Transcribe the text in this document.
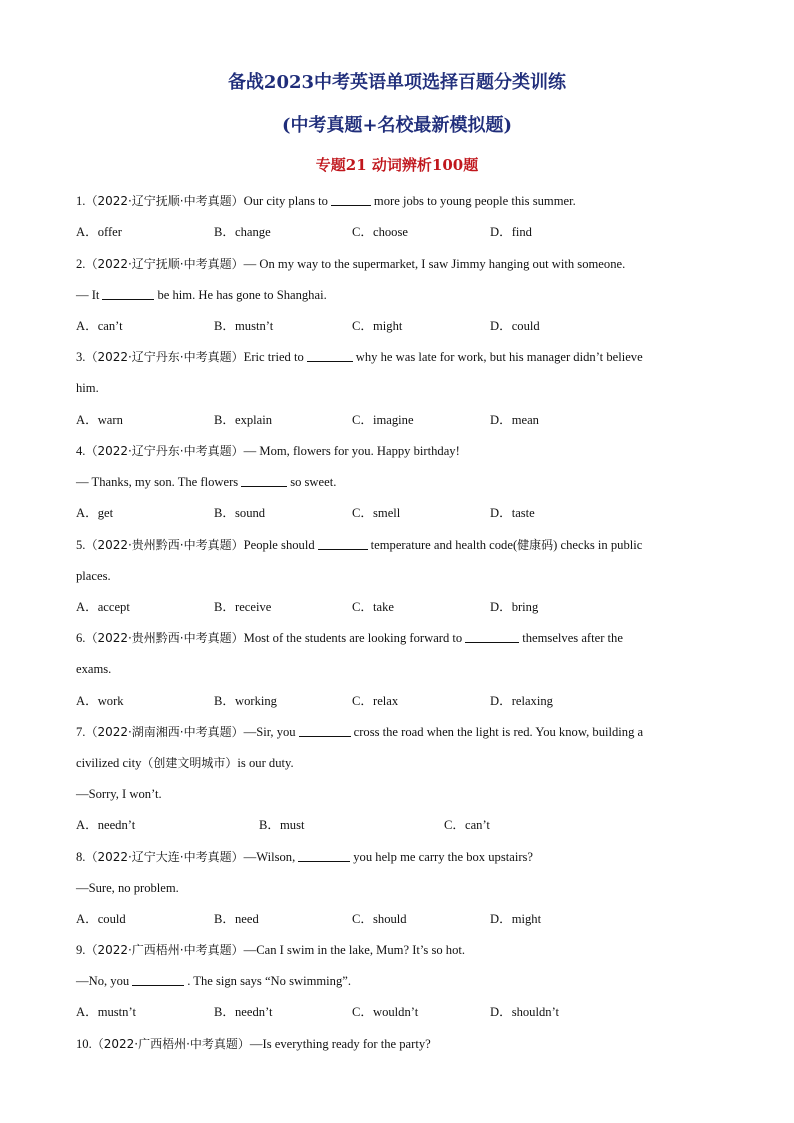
备战2023中考英语单项选择百题分类训练
(中考真题+名校最新模拟题)
专题21 动词辨析100题
1.（2022·辽宁抚顺·中考真题）Our city plans to	more jobs to young people this summer.
A．offer	B．change	C．choose	D．find
2.（2022·辽宁抚顺·中考真题）— On my way to the supermarket, I saw Jimmy hanging out with someone.
— It	be him. He has gone to Shanghai.
A．can’t	B．mustn’t	C．might	D．could
3.（2022·辽宁丹东·中考真题）Eric tried to	why he was late for work, but his manager didn’t believe
him.
A．warn	B．explain	C．imagine	D．mean
4.（2022·辽宁丹东·中考真题）— Mom, flowers for you. Happy birthday!
— Thanks, my son. The flowers	so sweet.
A．get	B．sound	C．smell	D．taste
5.（2022·贵州黔西·中考真题）People should	temperature and health code(健康码) checks in public
places.
A．accept	B．receive	C．take	D．bring
6.（2022·贵州黔西·中考真题）Most of the students are looking forward to	themselves after the
exams.
A．work	B．working	C．relax	D．relaxing
7.（2022·湖南湘西·中考真题）—Sir, you	cross the road when the light is red. You know, building a
civilized city（创建文明城市）is our duty.
—Sorry, I won’t.
A．needn’t	B．must	C．can’t
8.（2022·辽宁大连·中考真题）—Wilson,	you help me carry the box upstairs?
—Sure, no problem.
A．could	B．need	C．should	D．might
9.（2022·广西梧州·中考真题）—Can I swim in the lake, Mum? It’s so hot.
—No, you	. The sign says “No swimming”.
A．mustn’t	B．needn’t	C．wouldn’t	D．shouldn’t
10.（2022·广西梧州·中考真题）—Is everything ready for the party?
